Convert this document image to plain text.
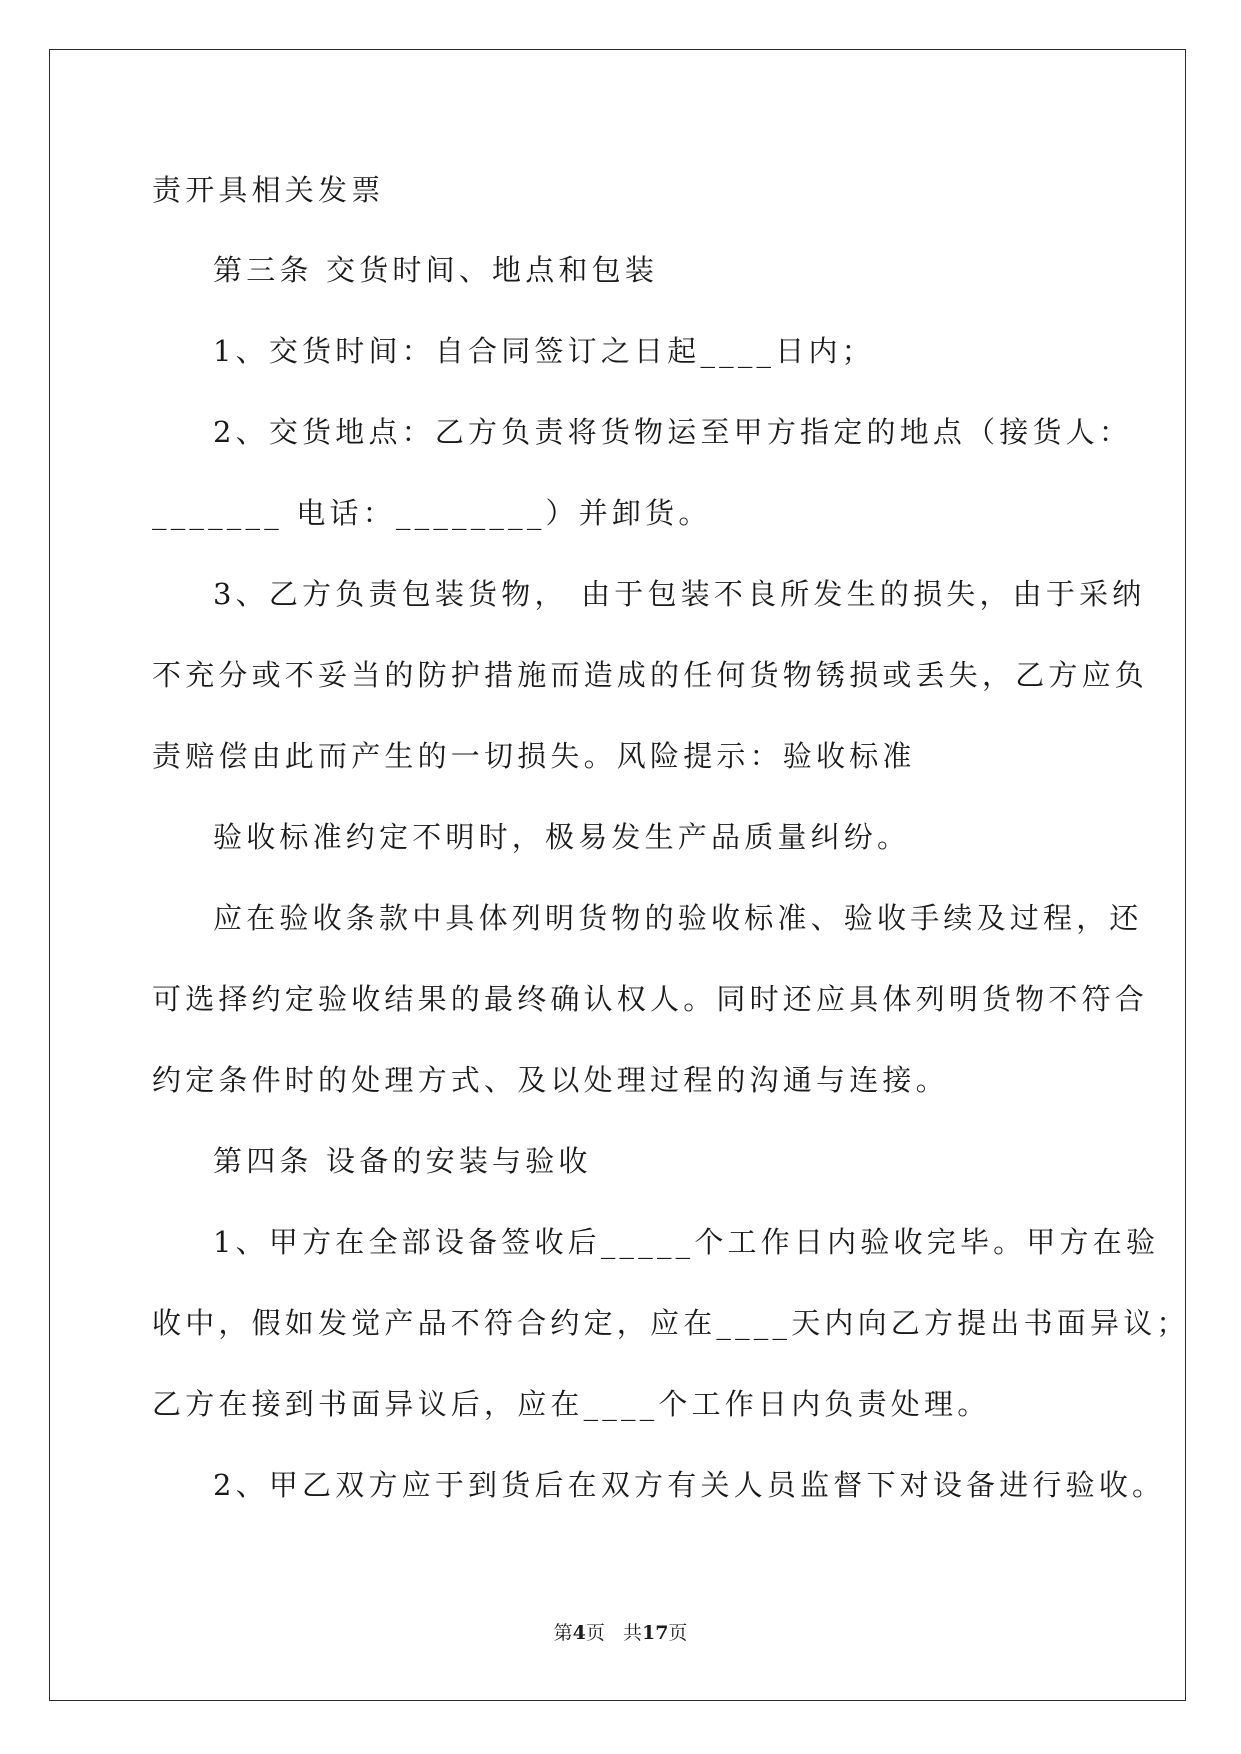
责开具相关发票
第三条 交货时间、地点和包装
1、交货时间：自合同签订之日起____日内；
2、交货地点：乙方负责将货物运至甲方指定的地点（接货人：
_______ 电话：________）并卸货。
3、乙方负责包装货物， 由于包装不良所发生的损失，由于采纳
不充分或不妥当的防护措施而造成的任何货物锈损或丢失，乙方应负
责赔偿由此而产生的一切损失。风险提示：验收标准
验收标准约定不明时，极易发生产品质量纠纷。
应在验收条款中具体列明货物的验收标准、验收手续及过程，还
可选择约定验收结果的最终确认权人。同时还应具体列明货物不符合
约定条件时的处理方式、及以处理过程的沟通与连接。
第四条 设备的安装与验收
1、甲方在全部设备签收后_____个工作日内验收完毕。甲方在验
收中，假如发觉产品不符合约定，应在____天内向乙方提出书面异议；
乙方在接到书面异议后，应在____个工作日内负责处理。
2、甲乙双方应于到货后在双方有关人员监督下对设备进行验收。
第4页 共17页
